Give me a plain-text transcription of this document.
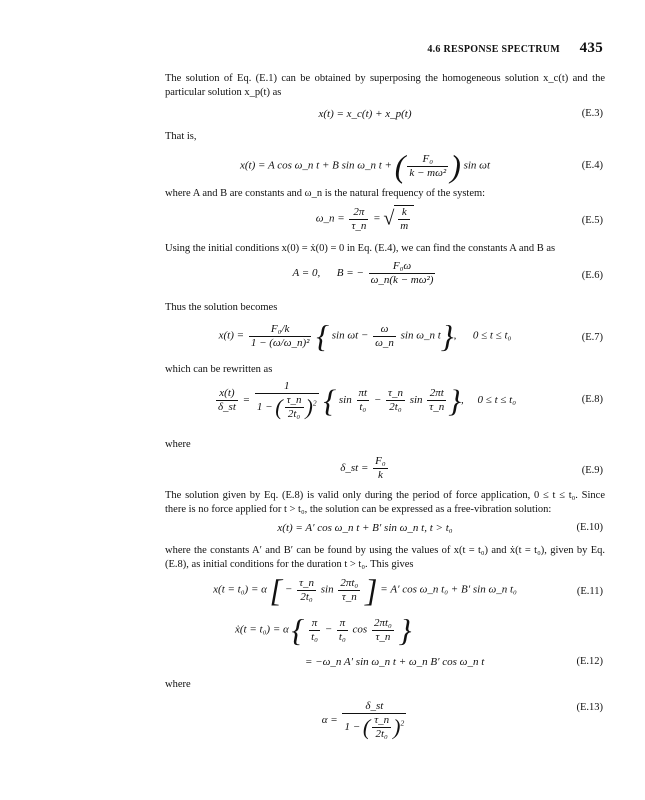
4.6 RESPONSE SPECTRUM 435
The solution of Eq. (E.1) can be obtained by superposing the homogeneous solution x_c(t) and the particular solution x_p(t) as
x(t) = x_c(t) + x_p(t)	(E.3)
That is,
x(t) = A cos ω_n t + B sin ω_n t + ( $\frac{\text{F₀}}{\text{k − mω²}}$ ) sin ωt	(E.4)
where A and B are constants and ω_n is the natural frequency of the system:
ω_n = $\frac{2\pi}{\tau\_n}$ = √ $\frac{k}{m}$	(E.5)
Using the initial conditions x(0) = ẋ(0) = 0 in Eq. (E.4), we can find the constants A and B as
A = 0, B = − $\frac{\text{F₀ω}}{\text{ω\_n(k − mω²)}}$	(E.6)
Thus the solution becomes
$x(t) = \frac{\text{F₀/k}}{\text{1 − (ω/ω\_n)²}}$ { $\sin \omega t - \frac{\omega}{\omega\_n}$ sin ω_n t},      0 ≤ t ≤ t₀	(E.7)
which can be rewritten as
$\frac{x(t)}{\delta\_st} = \frac{1}{1 - ( \frac{\tau\_n}{\text{2t₀}} )^2}$ { $\sin \frac{\pi t}{\text{t₀}} - \frac{\tau\_n}{\text{2t₀}}$ $\sin \frac{2\pi t}{\tau\_n}$ },     0 ≤ t ≤ t₀	(E.8)
where
δ_st = $\frac{\text{F₀}}{k}$	(E.9)
The solution given by Eq. (E.8) is valid only during the period of force application, 0 ≤ t ≤ t₀. Since there is no force applied for t > t₀, the solution can be expressed as a free-vibration solution:
x(t) = A′ cos ω_n t + B′ sin ω_n t, t > t₀	(E.10)
where the constants A′ and B′ can be found by using the values of x(t = t₀) and ẋ(t = t₀), given by Eq. (E.8), as initial conditions for the duration t > t₀. This gives
x(t = t₀) = α [ − $\frac{\tau\_n}{\text{2t₀}}$ $\sin \frac{\text{2πt₀}}{\tau\_n}$ ] = A′ cos ω_n t₀ + B′ sin ω_n t₀	(E.11)
ẋ(t = t₀) = α { $\frac{\pi}{\text{t₀}} - \frac{\pi}{\text{t₀}}$ $\cos \frac{\text{2πt₀}}{\tau\_n}$ }
= −ω_n A′ sin ω_n t + ω_n B′ cos ω_n t	(E.12)
where
$\alpha = \frac{\delta\_st}{1 - ( \frac{\tau\_n}{\text{2t₀}} )^2}$	(E.13)
